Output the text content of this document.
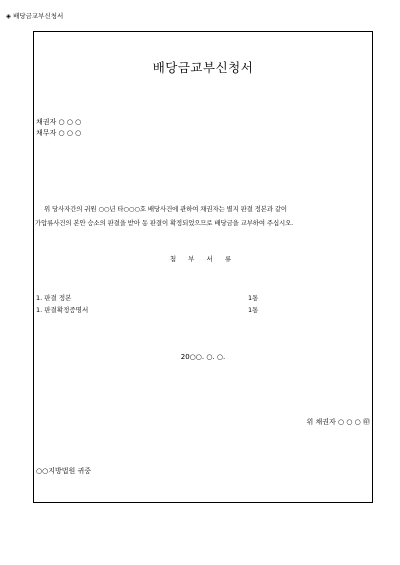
◈ 배당금교부신청서
배당금교부신청서
채권자 ○ ○ ○
채무자 ○ ○ ○
위 당사자간의 귀원 ○○년 타○○○호 배당사건에 관하여 채권자는 별지 판결 정본과 같이
가압류사건의 본안 승소의 판결을 받아 동 판결이 확정되었으므로 배당금을 교부하여 주십시오.
첨 부 서 류
1. 판결 정본	1통
1. 판결확정증명서	1통
20○○. ○. ○.
위 채권자 ○ ○ ○ ㊞
○○지방법원 귀중
